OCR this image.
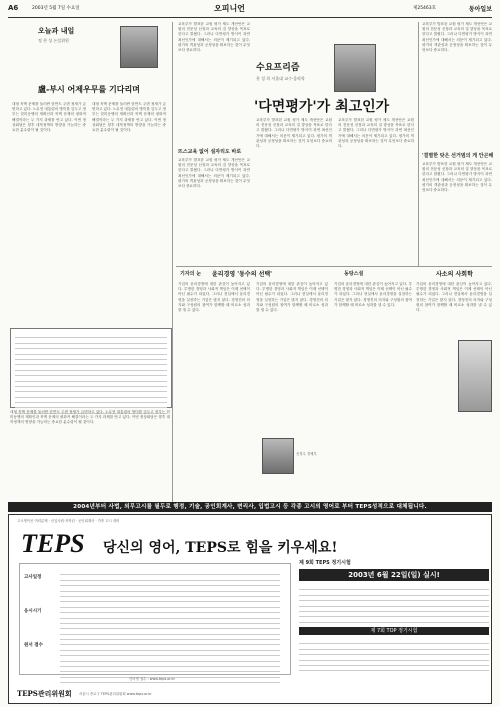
A6	2003년 5월 7일 수요일	오피니언	제25463호	동아일보
오늘과 내일
정 찬 성 논설위원
盧-부시 어제우무를 기다리며
대형 북핵 문제를 둘러싼 한반도 주변 정세가 급변하고 있다. 노무현 대통령의 방미를 앞두고 정부는 한미동맹의 재확인과 북핵 문제의 평화적 해결이라는 두 가지 과제를 안고 있다. 이번 정상회담은 향후 대북정책의 방향을 가늠하는 중요한 분수령이 될 것이다.
대형 북핵 문제를 둘러싼 한반도 주변 정세가 급변하고 있다. 노무현 대통령의 방미를 앞두고 정부는 한미동맹의 재확인과 북핵 문제의 평화적 해결이라는 두 가지 과제를 안고 있다. 이번 정상회담은 향후 대북정책의 방향을 가늠하는 중요한 분수령이 될 것이다.
대형 북핵 문제를 둘러싼 한반도 주변 정세가 급변하고 있다. 노무현 대통령의 방미를 앞두고 정부는 한미동맹의 재확인과 북핵 문제의 평화적 해결이라는 두 가지 과제를 안고 있다. 이번 정상회담은 향후 대북정책의 방향을 가늠하는 중요한 분수령이 될 것이다.
교육부가 발표한 교원 평가 제도 개선안은 교원의 전문성 신장과 교육의 질 향상을 목표로 한다고 밝혔다. 그러나 다면평가 방식이 과연 최선인가에 대해서는 의문이 제기되고 있다. 평가의 객관성과 공정성을 확보하는 것이 무엇보다 중요하다.
뜨스교육 없어 설자리도 바로
교육부가 발표한 교원 평가 제도 개선안은 교원의 전문성 신장과 교육의 질 향상을 목표로 한다고 밝혔다. 그러나 다면평가 방식이 과연 최선인가에 대해서는 의문이 제기되고 있다. 평가의 객관성과 공정성을 확보하는 것이 무엇보다 중요하다.
수요프리즘
홍 성 희 서울대 교수·음악학
'다면평가'가 최고인가
교육부가 발표한 교원 평가 제도 개선안은 교원의 전문성 신장과 교육의 질 향상을 목표로 한다고 밝혔다. 그러나 다면평가 방식이 과연 최선인가에 대해서는 의문이 제기되고 있다. 평가의 객관성과 공정성을 확보하는 것이 무엇보다 중요하다.
교육부가 발표한 교원 평가 제도 개선안은 교원의 전문성 신장과 교육의 질 향상을 목표로 한다고 밝혔다. 그러나 다면평가 방식이 과연 최선인가에 대해서는 의문이 제기되고 있다. 평가의 객관성과 공정성을 확보하는 것이 무엇보다 중요하다.
교육부가 발표한 교원 평가 제도 개선안은 교원의 전문성 신장과 교육의 질 향상을 목표로 한다고 밝혔다. 그러나 다면평가 방식이 과연 최선인가에 대해서는 의문이 제기되고 있다. 평가의 객관성과 공정성을 확보하는 것이 무엇보다 중요하다.
'결별한 탓은 선거범의 게 안곤해
교육부가 발표한 교원 평가 제도 개선안은 교원의 전문성 신장과 교육의 질 향상을 목표로 한다고 밝혔다. 그러나 다면평가 방식이 과연 최선인가에 대해서는 의문이 제기되고 있다. 평가의 객관성과 공정성을 확보하는 것이 무엇보다 중요하다.
기자의 눈 윤리경영 '동수의 선택'
기업의 윤리경영에 대한 관심이 높아지고 있다. 투명한 경영과 사회적 책임은 이제 선택이 아닌 필수가 되었다. 그러나 현실에서 윤리경영을 실천하는 기업은 많지 않다. 경영진의 의지와 구성원의 참여가 함께할 때 비로소 성과를 낼 수 있다.
기업의 윤리경영에 대한 관심이 높아지고 있다. 투명한 경영과 사회적 책임은 이제 선택이 아닌 필수가 되었다. 그러나 현실에서 윤리경영을 실천하는 기업은 많지 않다. 경영진의 의지와 구성원의 참여가 함께할 때 비로소 성과를 낼 수 있다.
신경수 경제부
동탕스설	사소의 사회학
기업의 윤리경영에 대한 관심이 높아지고 있다. 투명한 경영과 사회적 책임은 이제 선택이 아닌 필수가 되었다. 그러나 현실에서 윤리경영을 실천하는 기업은 많지 않다. 경영진의 의지와 구성원의 참여가 함께할 때 비로소 성과를 낼 수 있다.
기업의 윤리경영에 대한 관심이 높아지고 있다. 투명한 경영과 사회적 책임은 이제 선택이 아닌 필수가 되었다. 그러나 현실에서 윤리경영을 실천하는 기업은 많지 않다. 경영진의 의지와 구성원의 참여가 함께할 때 비로소 성과를 낼 수 있다.
2004년부터 사법, 외무고시를 필두로 행정, 기술, 공인회계사, 변리사, 입법고시 등 각종 고시의 영어로 부터 TEPS성적으로 대체됩니다.
고시생이신 여러분께 · 신입사원·저학년 · 공인회계사 · 각종 고시 대비
TEPS 당신의 영어, TEPS로 힘을 키우세요!
고사일정
응시시기
원서 접수
제 9회 TEPS 정기시험
2003년 6월 22일(일) 실시!
제 7회 TOP 정기시험
인터넷 접수 : www.teps.or.kr
TEPS관리위원회 서울시 종로구 TEPS관리위원회 www.teps.or.kr
